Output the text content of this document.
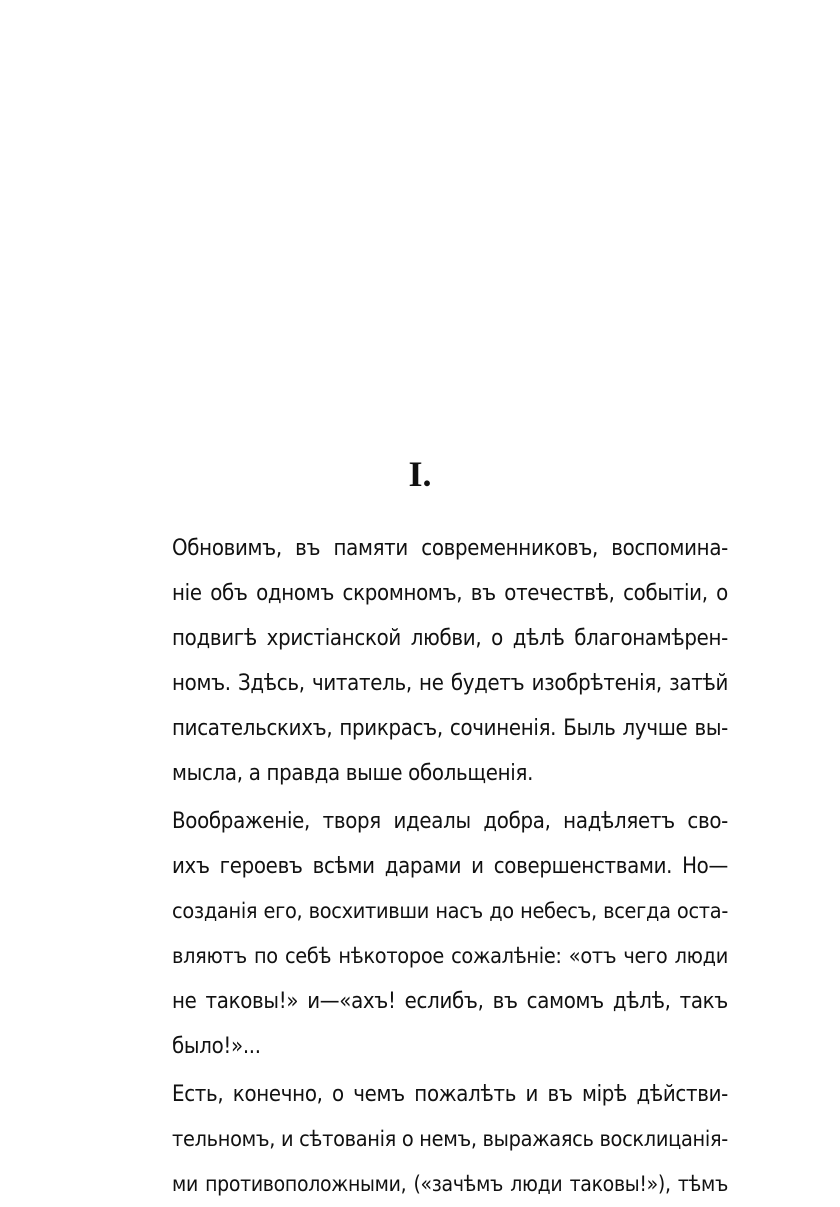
I.
Обновимъ, въ памяти современниковъ, воспомина-
ніе объ одномъ скромномъ, въ отечествѣ, событіи, о
подвигѣ христіанской любви, о дѣлѣ благонамѣрен-
номъ. Здѣсь, читатель, не будетъ изобрѣтенія, затѣй
писательскихъ, прикрасъ, сочиненія. Быль лучше вы-
мысла, а правда выше обольщенія.
Воображеніе, творя идеалы добра, надѣляетъ сво-
ихъ героевъ всѣми дарами и совершенствами. Но—
созданія его, восхитивши насъ до небесъ, всегда оста-
вляютъ по себѣ нѣкоторое сожалѣніе: «отъ чего люди
не таковы!» и—«ахъ! еслибъ, въ самомъ дѣлѣ, такъ
было!»...
Есть, конечно, о чемъ пожалѣть и въ мірѣ дѣйстви-
тельномъ, и сѣтованія о немъ, выражаясь восклицанія-
ми противоположными, («зачѣмъ люди таковы!»), тѣмъ
